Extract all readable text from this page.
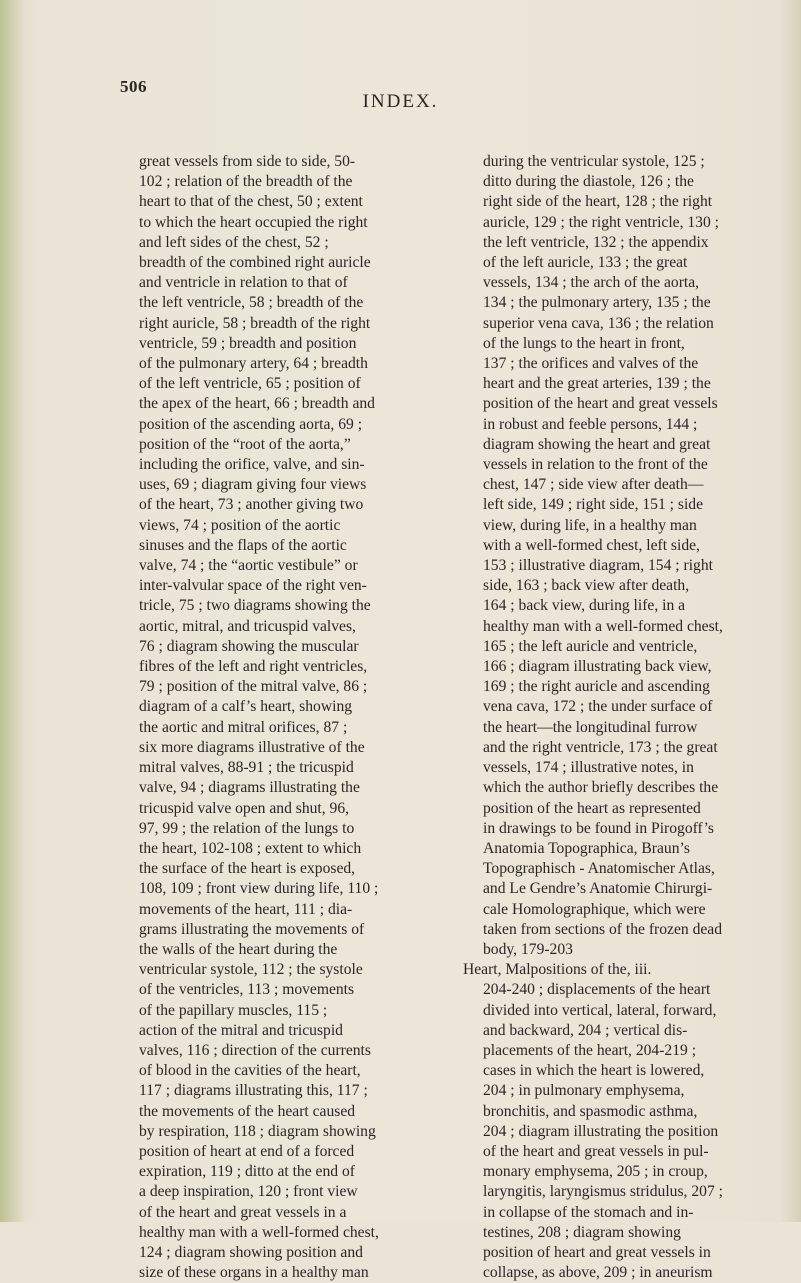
506
INDEX.
great vessels from side to side, 50-
102 ; relation of the breadth of the
heart to that of the chest, 50 ; extent
to which the heart occupied the right
and left sides of the chest, 52 ;
breadth of the combined right auricle
and ventricle in relation to that of
the left ventricle, 58 ; breadth of the
right auricle, 58 ; breadth of the right
ventricle, 59 ; breadth and position
of the pulmonary artery, 64 ; breadth
of the left ventricle, 65 ; position of
the apex of the heart, 66 ; breadth and
position of the ascending aorta, 69 ;
position of the “root of the aorta,”
including the orifice, valve, and sin-
uses, 69 ; diagram giving four views
of the heart, 73 ; another giving two
views, 74 ; position of the aortic
sinuses and the flaps of the aortic
valve, 74 ; the “aortic vestibule” or
inter-valvular space of the right ven-
tricle, 75 ; two diagrams showing the
aortic, mitral, and tricuspid valves,
76 ; diagram showing the muscular
fibres of the left and right ventricles,
79 ; position of the mitral valve, 86 ;
diagram of a calf’s heart, showing
the aortic and mitral orifices, 87 ;
six more diagrams illustrative of the
mitral valves, 88-91 ; the tricuspid
valve, 94 ; diagrams illustrating the
tricuspid valve open and shut, 96,
97, 99 ; the relation of the lungs to
the heart, 102-108 ; extent to which
the surface of the heart is exposed,
108, 109 ; front view during life, 110 ;
movements of the heart, 111 ; dia-
grams illustrating the movements of
the walls of the heart during the
ventricular systole, 112 ; the systole
of the ventricles, 113 ; movements
of the papillary muscles, 115 ;
action of the mitral and tricuspid
valves, 116 ; direction of the currents
of blood in the cavities of the heart,
117 ; diagrams illustrating this, 117 ;
the movements of the heart caused
by respiration, 118 ; diagram showing
position of heart at end of a forced
expiration, 119 ; ditto at the end of
a deep inspiration, 120 ; front view
of the heart and great vessels in a
healthy man with a well-formed chest,
124 ; diagram showing position and
size of these organs in a healthy man
during the ventricular systole, 125 ;
ditto during the diastole, 126 ; the
right side of the heart, 128 ; the right
auricle, 129 ; the right ventricle, 130 ;
the left ventricle, 132 ; the appendix
of the left auricle, 133 ; the great
vessels, 134 ; the arch of the aorta,
134 ; the pulmonary artery, 135 ; the
superior vena cava, 136 ; the relation
of the lungs to the heart in front,
137 ; the orifices and valves of the
heart and the great arteries, 139 ; the
position of the heart and great vessels
in robust and feeble persons, 144 ;
diagram showing the heart and great
vessels in relation to the front of the
chest, 147 ; side view after death—
left side, 149 ; right side, 151 ; side
view, during life, in a healthy man
with a well-formed chest, left side,
153 ; illustrative diagram, 154 ; right
side, 163 ; back view after death,
164 ; back view, during life, in a
healthy man with a well-formed chest,
165 ; the left auricle and ventricle,
166 ; diagram illustrating back view,
169 ; the right auricle and ascending
vena cava, 172 ; the under surface of
the heart—the longitudinal furrow
and the right ventricle, 173 ; the great
vessels, 174 ; illustrative notes, in
which the author briefly describes the
position of the heart as represented
in drawings to be found in Pirogoff’s
Anatomia Topographica, Braun’s
Topographisch - Anatomischer Atlas,
and Le Gendre’s Anatomie Chirurgi-
cale Homolographique, which were
taken from sections of the frozen dead
body, 179-203
Heart, Malpositions of the, iii.
204-240 ; displacements of the heart
divided into vertical, lateral, forward,
and backward, 204 ; vertical dis-
placements of the heart, 204-219 ;
cases in which the heart is lowered,
204 ; in pulmonary emphysema,
bronchitis, and spasmodic asthma,
204 ; diagram illustrating the position
of the heart and great vessels in pul-
monary emphysema, 205 ; in croup,
laryngitis, laryngismus stridulus, 207 ;
in collapse of the stomach and in-
testines, 208 ; diagram showing
position of heart and great vessels in
collapse, as above, 209 ; in aneurism
